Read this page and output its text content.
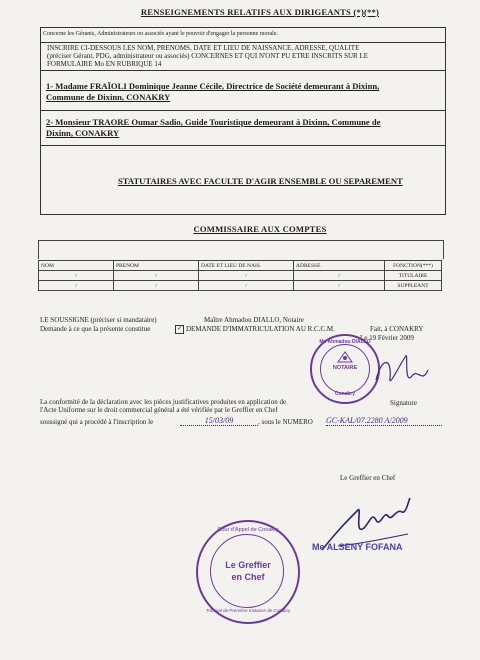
RENSEIGNEMENTS RELATIFS AUX DIRIGEANTS (*)(**)
Concerne les Gérants, Administrateurs ou associés ayant le pouvoir d'engager la personne morale.
INSCRIRE CI-DESSOUS LES NOM, PRENOMS, DATE ET LIEU DE NAISSANCE, ADRESSE, QUALITE
(préciser Gérant, PDG, administrateur ou associés) CONCERNES ET QUI N'ONT PU ETRE INSCRITS SUR LE
FORMULAIRE Mo EN RUBRIQUE 14
1- Madame FRAÏOLI Dominique Jeanne Cécile, Directrice de Société demeurant à Dixinn,
Commune de Dixinn, CONAKRY
2- Monsieur TRAORE Oumar Sadio, Guide Touristique demeurant à Dixinn, Commune de
Dixinn, CONAKRY
STATUTAIRES AVEC FACULTE D'AGIR ENSEMBLE OU SEPAREMENT
COMMISSAIRE AUX COMPTES
NOM	PRENOM	DATE ET LIEU DE NAIS.	ADRESSE	FONCTION(***)
/	/	/	/	TITULAIRE
/	/	/	/	SUPPLEANT
LE SOUSSIGNE (préciser si mandataire)	Maître Ahmadou DIALLO, Notaire
Demande à ce que la présente constitue	✓ DEMANDE D'IMMATRICULATION AU R.C.C.M.	Fait, à CONAKRY
Le 19 Février 2009
Me Ahmadou DIALLO
NOTAIRE
Conakry
Signature
La conformité de la déclaration avec les pièces justificatives produites en application de
l'Acte Uniforme sur le droit commercial général a été vérifiée par le Greffier en Chef
soussigné qui a procédé à l'inscription le	15/03/09	, sous le NUMERO GC-KAL/07.2280 A/2009
Le Greffier en Chef
Me ALSENY FOFANA
Cour d'Appel de Conakry
Le Greffier
en Chef
Tribunal de Première Instance de Conakry
